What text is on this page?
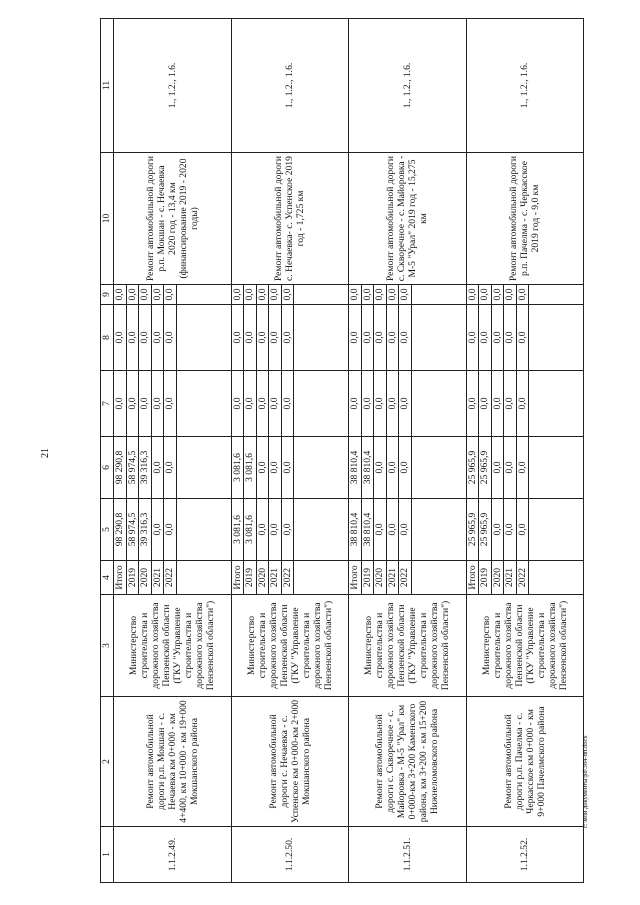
21
1	2	3	4	5	6	7	8	9	10	11
1.1.2.49.	Ремонт автомобильной дороги р.п. Мокшан - с. Нечаевка км 0+000 - км 4+400, км 10+000 - км 19+000 Мокшанского района	Министерство строительства и дорожного хозяйства Пензенской области (ГКУ "Управление строительства и дорожного хозяйства Пензенской области")	Итого	98 290,8	98 290,8	0,0	0,0	0,0	Ремонт автомобильной дороги р.п. Мокшан - с. Нечаевка 2020 год - 13,4 км (финансирование 2019 - 2020 годы)	1., 1.2., 1.6.
			2019	58 974,5	58 974,5	0,0	0,0	0,0		
			2020	39 316,3	39 316,3	0,0	0,0	0,0		
			2021	0,0	0,0	0,0	0,0	0,0		
			2022	0,0	0,0	0,0	0,0	0,0		

1.1.2.50.	Ремонт автомобильной дороги с. Нечаевка - с. Успенское км 0+000-км 2+000 Мокшанского района	Министерство строительства и дорожного хозяйства Пензенской области (ГКУ "Управление строительства и дорожного хозяйства Пензенской области")	Итого	3 081,6	3 081,6	0,0	0,0	0,0	Ремонт автомобильной дороги с. Нечаевка- с. Успенское 2019 год - 1,725 км	1., 1.2., 1.6.
			2019	3 081,6	3 081,6	0,0	0,0	0,0		
			2020	0,0	0,0	0,0	0,0	0,0		
			2021	0,0	0,0	0,0	0,0	0,0		
			2022	0,0	0,0	0,0	0,0	0,0		

1.1.2.51.	Ремонт автомобильной дороги с. Скворечное - с. Майоровка - М-5 "Урал" км 0+000-км 3+200 Каменского района, км 3+200 - км 15+200 Нижнеломовского района	Министерство строительства и дорожного хозяйства Пензенской области (ГКУ "Управление строительства и дорожного хозяйства Пензенской области")	Итого	38 810,4	38 810,4	0,0	0,0	0,0	Ремонт автомобильной дороги с. Скворечное - с. Майоровка - М-5 "Урал" 2019 год - 15,275 км	1., 1.2., 1.6.
			2019	38 810,4	38 810,4	0,0	0,0	0,0		
			2020	0,0	0,0	0,0	0,0	0,0		
			2021	0,0	0,0	0,0	0,0	0,0		
			2022	0,0	0,0	0,0	0,0	0,0		

1.1.2.52.	Ремонт автомобильной дороги р.п. Пачелма - с. Черкасское км 0+000 - км 9+000 Пачелмского района	Министерство строительства и дорожного хозяйства Пензенской области (ГКУ "Управление строительства и дорожного хозяйства Пензенской области")	Итого	25 965,9	25 965,9	0,0	0,0	0,0	Ремонт автомобильной дороги р.п. Пачелма - с. Черкасское 2019 год - 9,0 км	1., 1.2., 1.6.
			2019	25 965,9	25 965,9	0,0	0,0	0,0		
			2020	0,0	0,0	0,0	0,0	0,0		
			2021	0,0	0,0	0,0	0,0	0,0		
			2022	0,0	0,0	0,0	0,0	0,0		

c:\мои документы\pd\384-пп.docx
